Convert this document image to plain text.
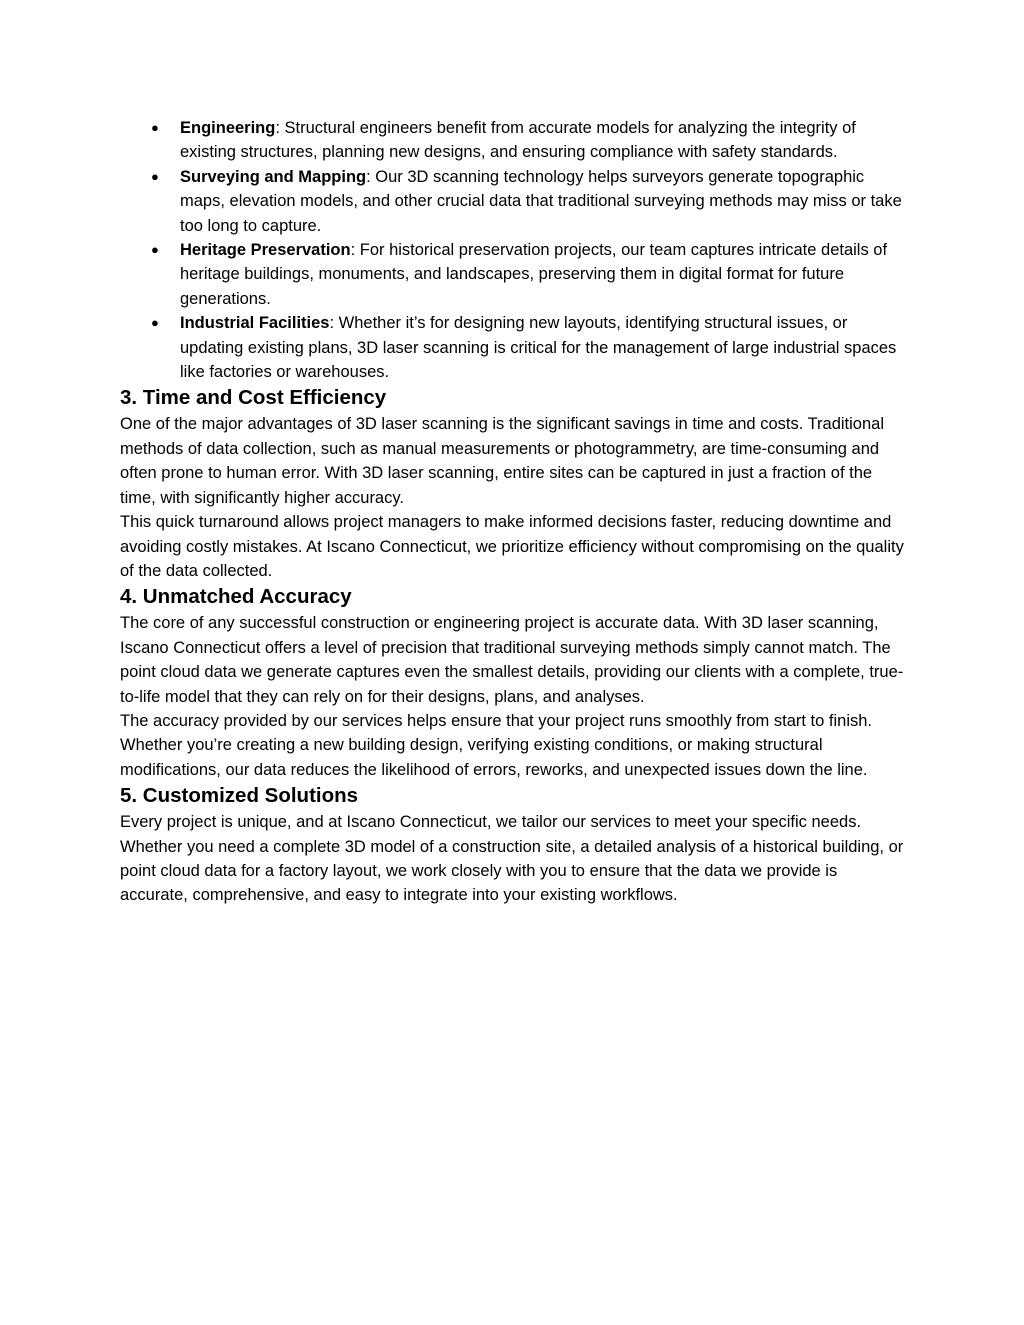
● Engineering: Structural engineers benefit from accurate models for analyzing the integrity of existing structures, planning new designs, and ensuring compliance with safety standards.
● Surveying and Mapping: Our 3D scanning technology helps surveyors generate topographic maps, elevation models, and other crucial data that traditional surveying methods may miss or take too long to capture.
● Heritage Preservation: For historical preservation projects, our team captures intricate details of heritage buildings, monuments, and landscapes, preserving them in digital format for future generations.
● Industrial Facilities: Whether it’s for designing new layouts, identifying structural issues, or updating existing plans, 3D laser scanning is critical for the management of large industrial spaces like factories or warehouses.
3. Time and Cost Efficiency

One of the major advantages of 3D laser scanning is the significant savings in time and costs. Traditional methods of data collection, such as manual measurements or photogrammetry, are time-consuming and often prone to human error. With 3D laser scanning, entire sites can be captured in just a fraction of the time, with significantly higher accuracy.

This quick turnaround allows project managers to make informed decisions faster, reducing downtime and avoiding costly mistakes. At Iscano Connecticut, we prioritize efficiency without compromising on the quality of the data collected.

4. Unmatched Accuracy

The core of any successful construction or engineering project is accurate data. With 3D laser scanning, Iscano Connecticut offers a level of precision that traditional surveying methods simply cannot match. The point cloud data we generate captures even the smallest details, providing our clients with a complete, true-to-life model that they can rely on for their designs, plans, and analyses.

The accuracy provided by our services helps ensure that your project runs smoothly from start to finish. Whether you’re creating a new building design, verifying existing conditions, or making structural modifications, our data reduces the likelihood of errors, reworks, and unexpected issues down the line.

5. Customized Solutions

Every project is unique, and at Iscano Connecticut, we tailor our services to meet your specific needs. Whether you need a complete 3D model of a construction site, a detailed analysis of a historical building, or point cloud data for a factory layout, we work closely with you to ensure that the data we provide is accurate, comprehensive, and easy to integrate into your existing workflows.
